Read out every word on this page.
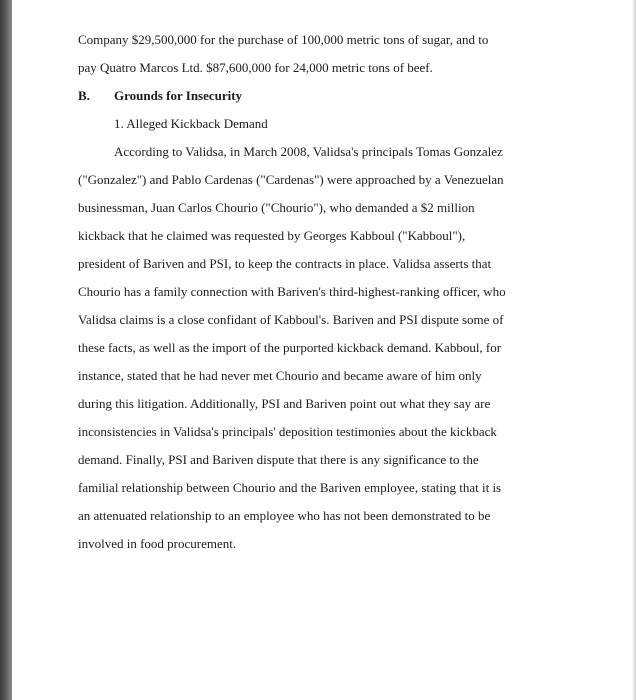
Company $29,500,000 for the purchase of 100,000 metric tons of sugar, and to
pay Quatro Marcos Ltd. $87,600,000 for 24,000 metric tons of beef.
B. Grounds for Insecurity
1. Alleged Kickback Demand
According to Validsa, in March 2008, Validsa's principals Tomas Gonzalez
("Gonzalez") and Pablo Cardenas ("Cardenas") were approached by a Venezuelan
businessman, Juan Carlos Chourio ("Chourio"), who demanded a $2 million
kickback that he claimed was requested by Georges Kabboul ("Kabboul"),
president of Bariven and PSI, to keep the contracts in place. Validsa asserts that
Chourio has a family connection with Bariven's third-highest-ranking officer, who
Validsa claims is a close confidant of Kabboul's. Bariven and PSI dispute some of
these facts, as well as the import of the purported kickback demand. Kabboul, for
instance, stated that he had never met Chourio and became aware of him only
during this litigation. Additionally, PSI and Bariven point out what they say are
inconsistencies in Validsa's principals' deposition testimonies about the kickback
demand. Finally, PSI and Bariven dispute that there is any significance to the
familial relationship between Chourio and the Bariven employee, stating that it is
an attenuated relationship to an employee who has not been demonstrated to be
involved in food procurement.
